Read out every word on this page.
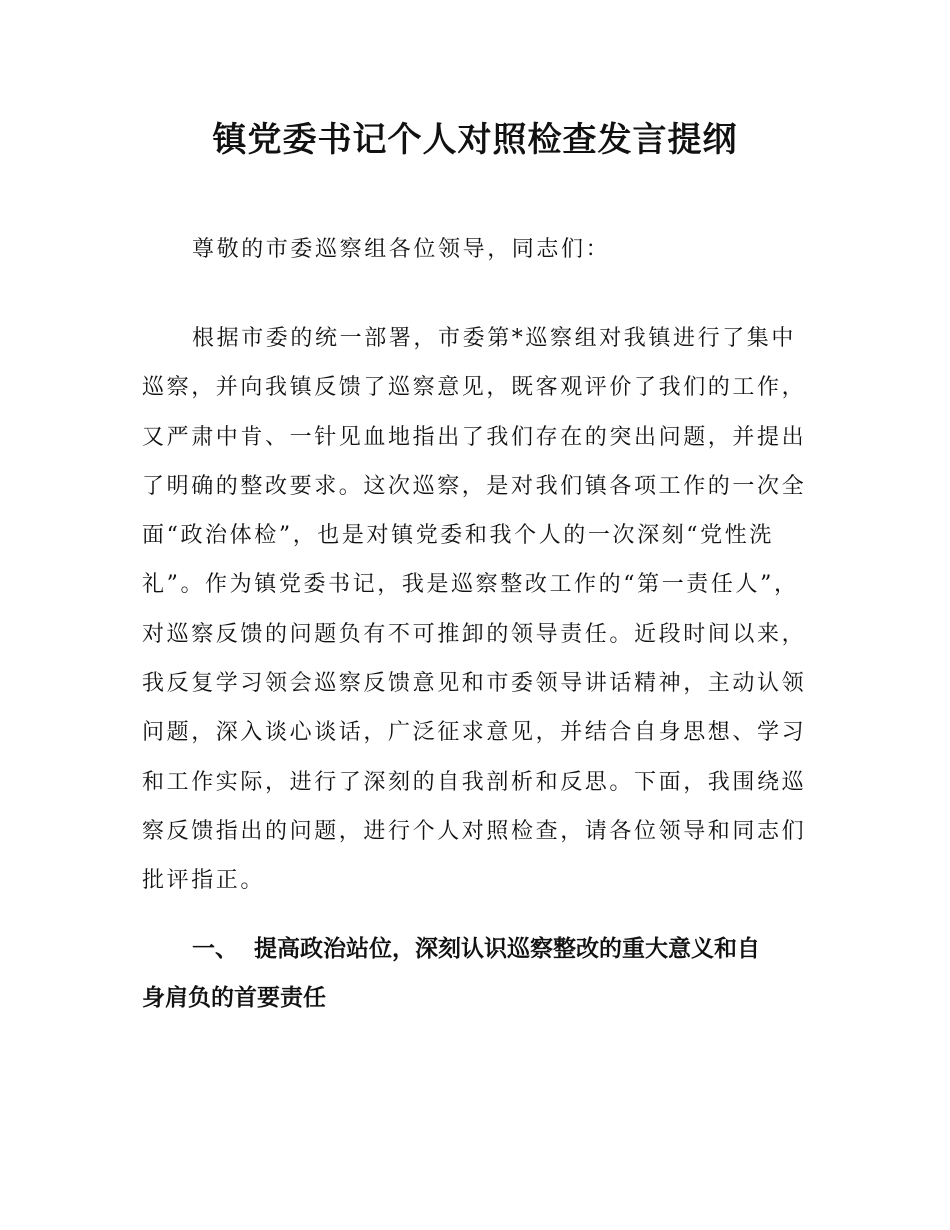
镇党委书记个人对照检查发言提纲

尊敬的市委巡察组各位领导，同志们：

根据市委的统一部署，市委第*巡察组对我镇进行了集中
巡察，并向我镇反馈了巡察意见，既客观评价了我们的工作，
又严肃中肯、一针见血地指出了我们存在的突出问题，并提出
了明确的整改要求。这次巡察，是对我们镇各项工作的一次全
面“政治体检”，也是对镇党委和我个人的一次深刻“党性洗
礼”。作为镇党委书记，我是巡察整改工作的“第一责任人”，
对巡察反馈的问题负有不可推卸的领导责任。近段时间以来，
我反复学习领会巡察反馈意见和市委领导讲话精神，主动认领
问题，深入谈心谈话，广泛征求意见，并结合自身思想、学习
和工作实际，进行了深刻的自我剖析和反思。下面，我围绕巡
察反馈指出的问题，进行个人对照检查，请各位领导和同志们
批评指正。
一、 提高政治站位，深刻认识巡察整改的重大意义和自
身肩负的首要责任
